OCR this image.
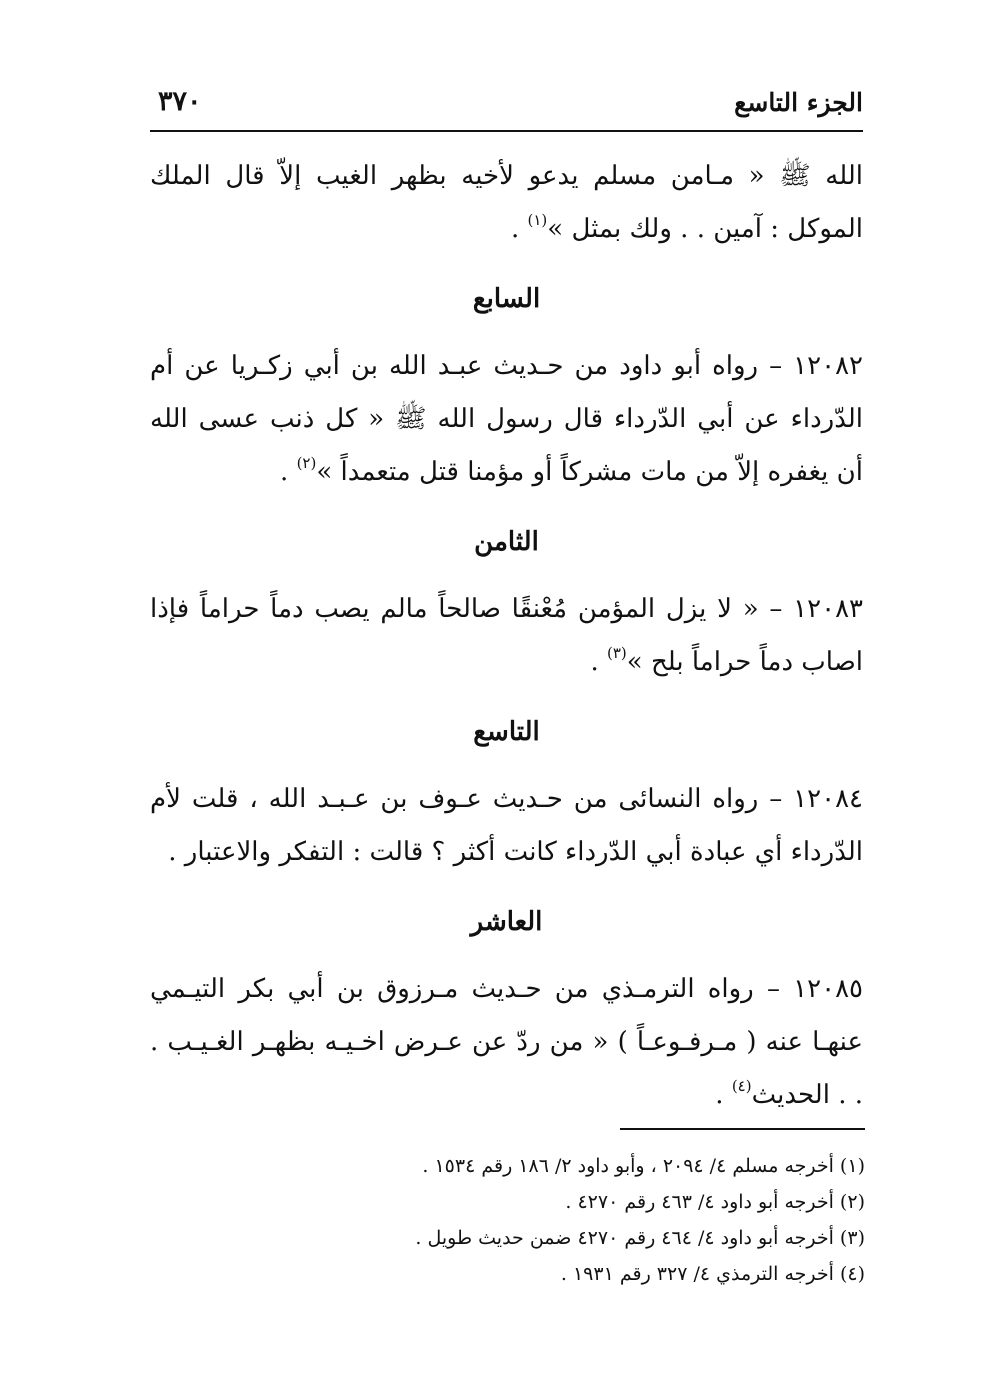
الجزء التاسع
٣٧٠

الله ﷺ « مـامن مسلم يدعو لأخيه بظهر الغيب إلاّ قال الملك الموكل : آمين . . ولك بمثل »$^{(١)}$ .

السابع

١٢٠٨٢ – رواه أبو داود من حـديث عبـد الله بن أبي زكـريا عن أم الدّرداء عن أبي الدّرداء قال رسول الله ﷺ « كل ذنب عسى الله أن يغفره إلاّ من مات مشركاً أو مؤمنا قتل متعمداً »$^{(٢)}$ .

الثامن

١٢٠٨٣ – « لا يزل المؤمن مُعْنقًا صالحاً مالم يصب دماً حراماً فإذا اصاب دماً حراماً بلح »$^{(٣)}$ .

التاسع

١٢٠٨٤ – رواه النسائى من حـديث عـوف بن عـبـد الله ، قلت لأم الدّرداء أي عبادة أبي الدّرداء كانت أكثر ؟ قالت : التفكر والاعتبار .

العاشر

١٢٠٨٥ – رواه الترمـذي من حـديث مـرزوق بن أبي بكر التيـمي عنهـا عنه ( مـرفـوعـاً ) « من ردّ عن عـرض اخـيـه بظهـر الغـيـب . . . الحديث$^{(٤)}$ .

(١) أخرجه مسلم ٤/ ٢٠٩٤ ، وأبو داود ٢/ ١٨٦ رقم ١٥٣٤ .

(٢) أخرجه أبو داود ٤/ ٤٦٣ رقم ٤٢٧٠ .

(٣) أخرجه أبو داود ٤/ ٤٦٤ رقم ٤٢٧٠ ضمن حديث طويل .

(٤) أخرجه الترمذي ٤/ ٣٢٧ رقم ١٩٣١ .
